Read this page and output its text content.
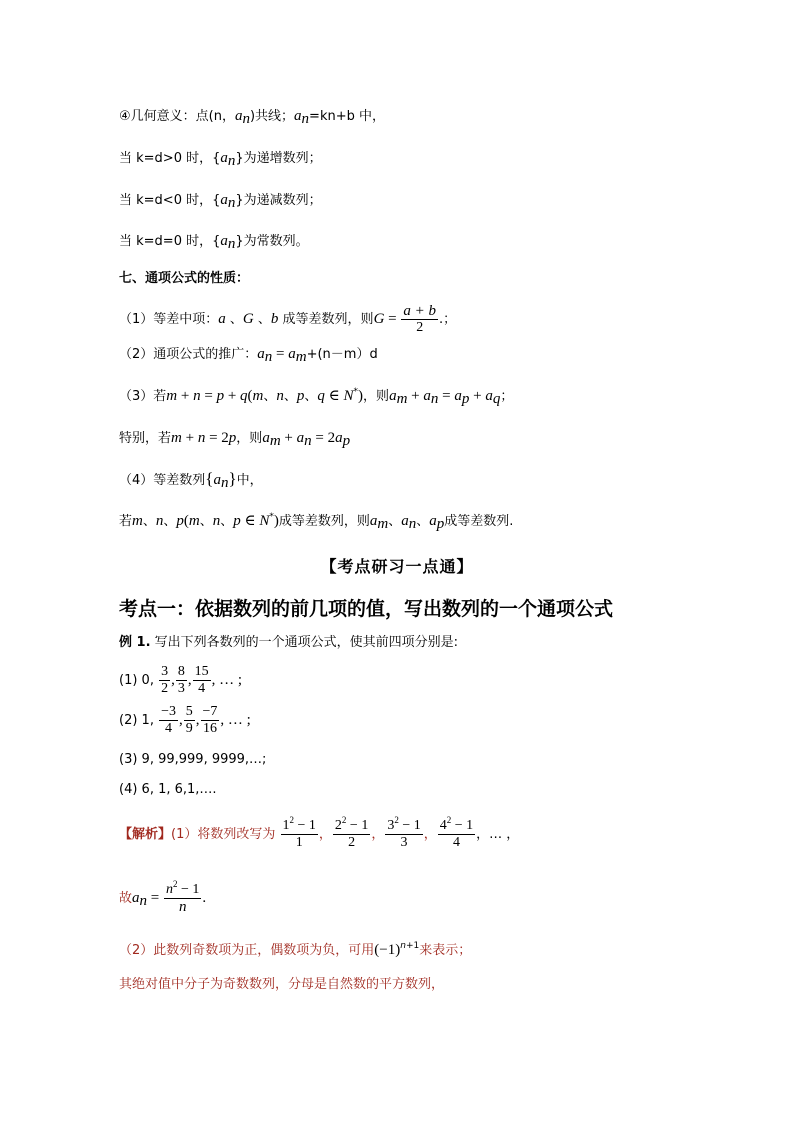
④几何意义：点(n，$a_n$)共线；$a_n=kn+b$ 中，
当 k=d>0 时，$\{a_n\}$为递增数列；
当 k=d<0 时，$\{a_n\}$为递减数列；
当 k=d=0 时，$\{a_n\}$为常数列。
七、通项公式的性质：
（1）等差中项：a 、G 、b 成等差数列，则$G = \frac{a + b}{2}$ .；
（2）通项公式的推广：$a_n = a_m+(n-m)d$
（3）若m + n = p + q(m、n、p、q ∈ N*)，则$a_m + a_n = a_p + a_q$；
特别，若m + n = 2p，则$a_m + a_n = 2a_p$
（4）等差数列$\{a_n\}$中，
若m、n、p(m、n、p ∈ N*)成等差数列，则$a_m$、$a_n$、$a_p$成等差数列.
【考点研习一点通】
考点一：依据数列的前几项的值，写出数列的一个通项公式
例 1. 写出下列各数列的一个通项公式，使其前四项分别是:
(1) 0, $\frac{3}{2}$ , $\frac{8}{3}$ , $\frac{15}{4}$ , … ;
(2) 1, $\frac{-3}{4}$ , $\frac{5}{9}$ , $\frac{-7}{16}$ , … ;
(3) 9, 99,999, 9999,…;
(4) 6, 1, 6,1,….
【解析】(1）将数列改写为 $\frac{1^2 - 1}{1}$ ， $\frac{2^2 - 1}{2}$ ， $\frac{3^2 - 1}{3}$ ， $\frac{4^2 - 1}{4}$ ，… ，
故$a_n = \frac{n^2 - 1}{n}$ .
（2）此数列奇数项为正，偶数项为负，可用$(-1)^{n+1}$来表示；
其绝对值中分子为奇数数列，分母是自然数的平方数列，
